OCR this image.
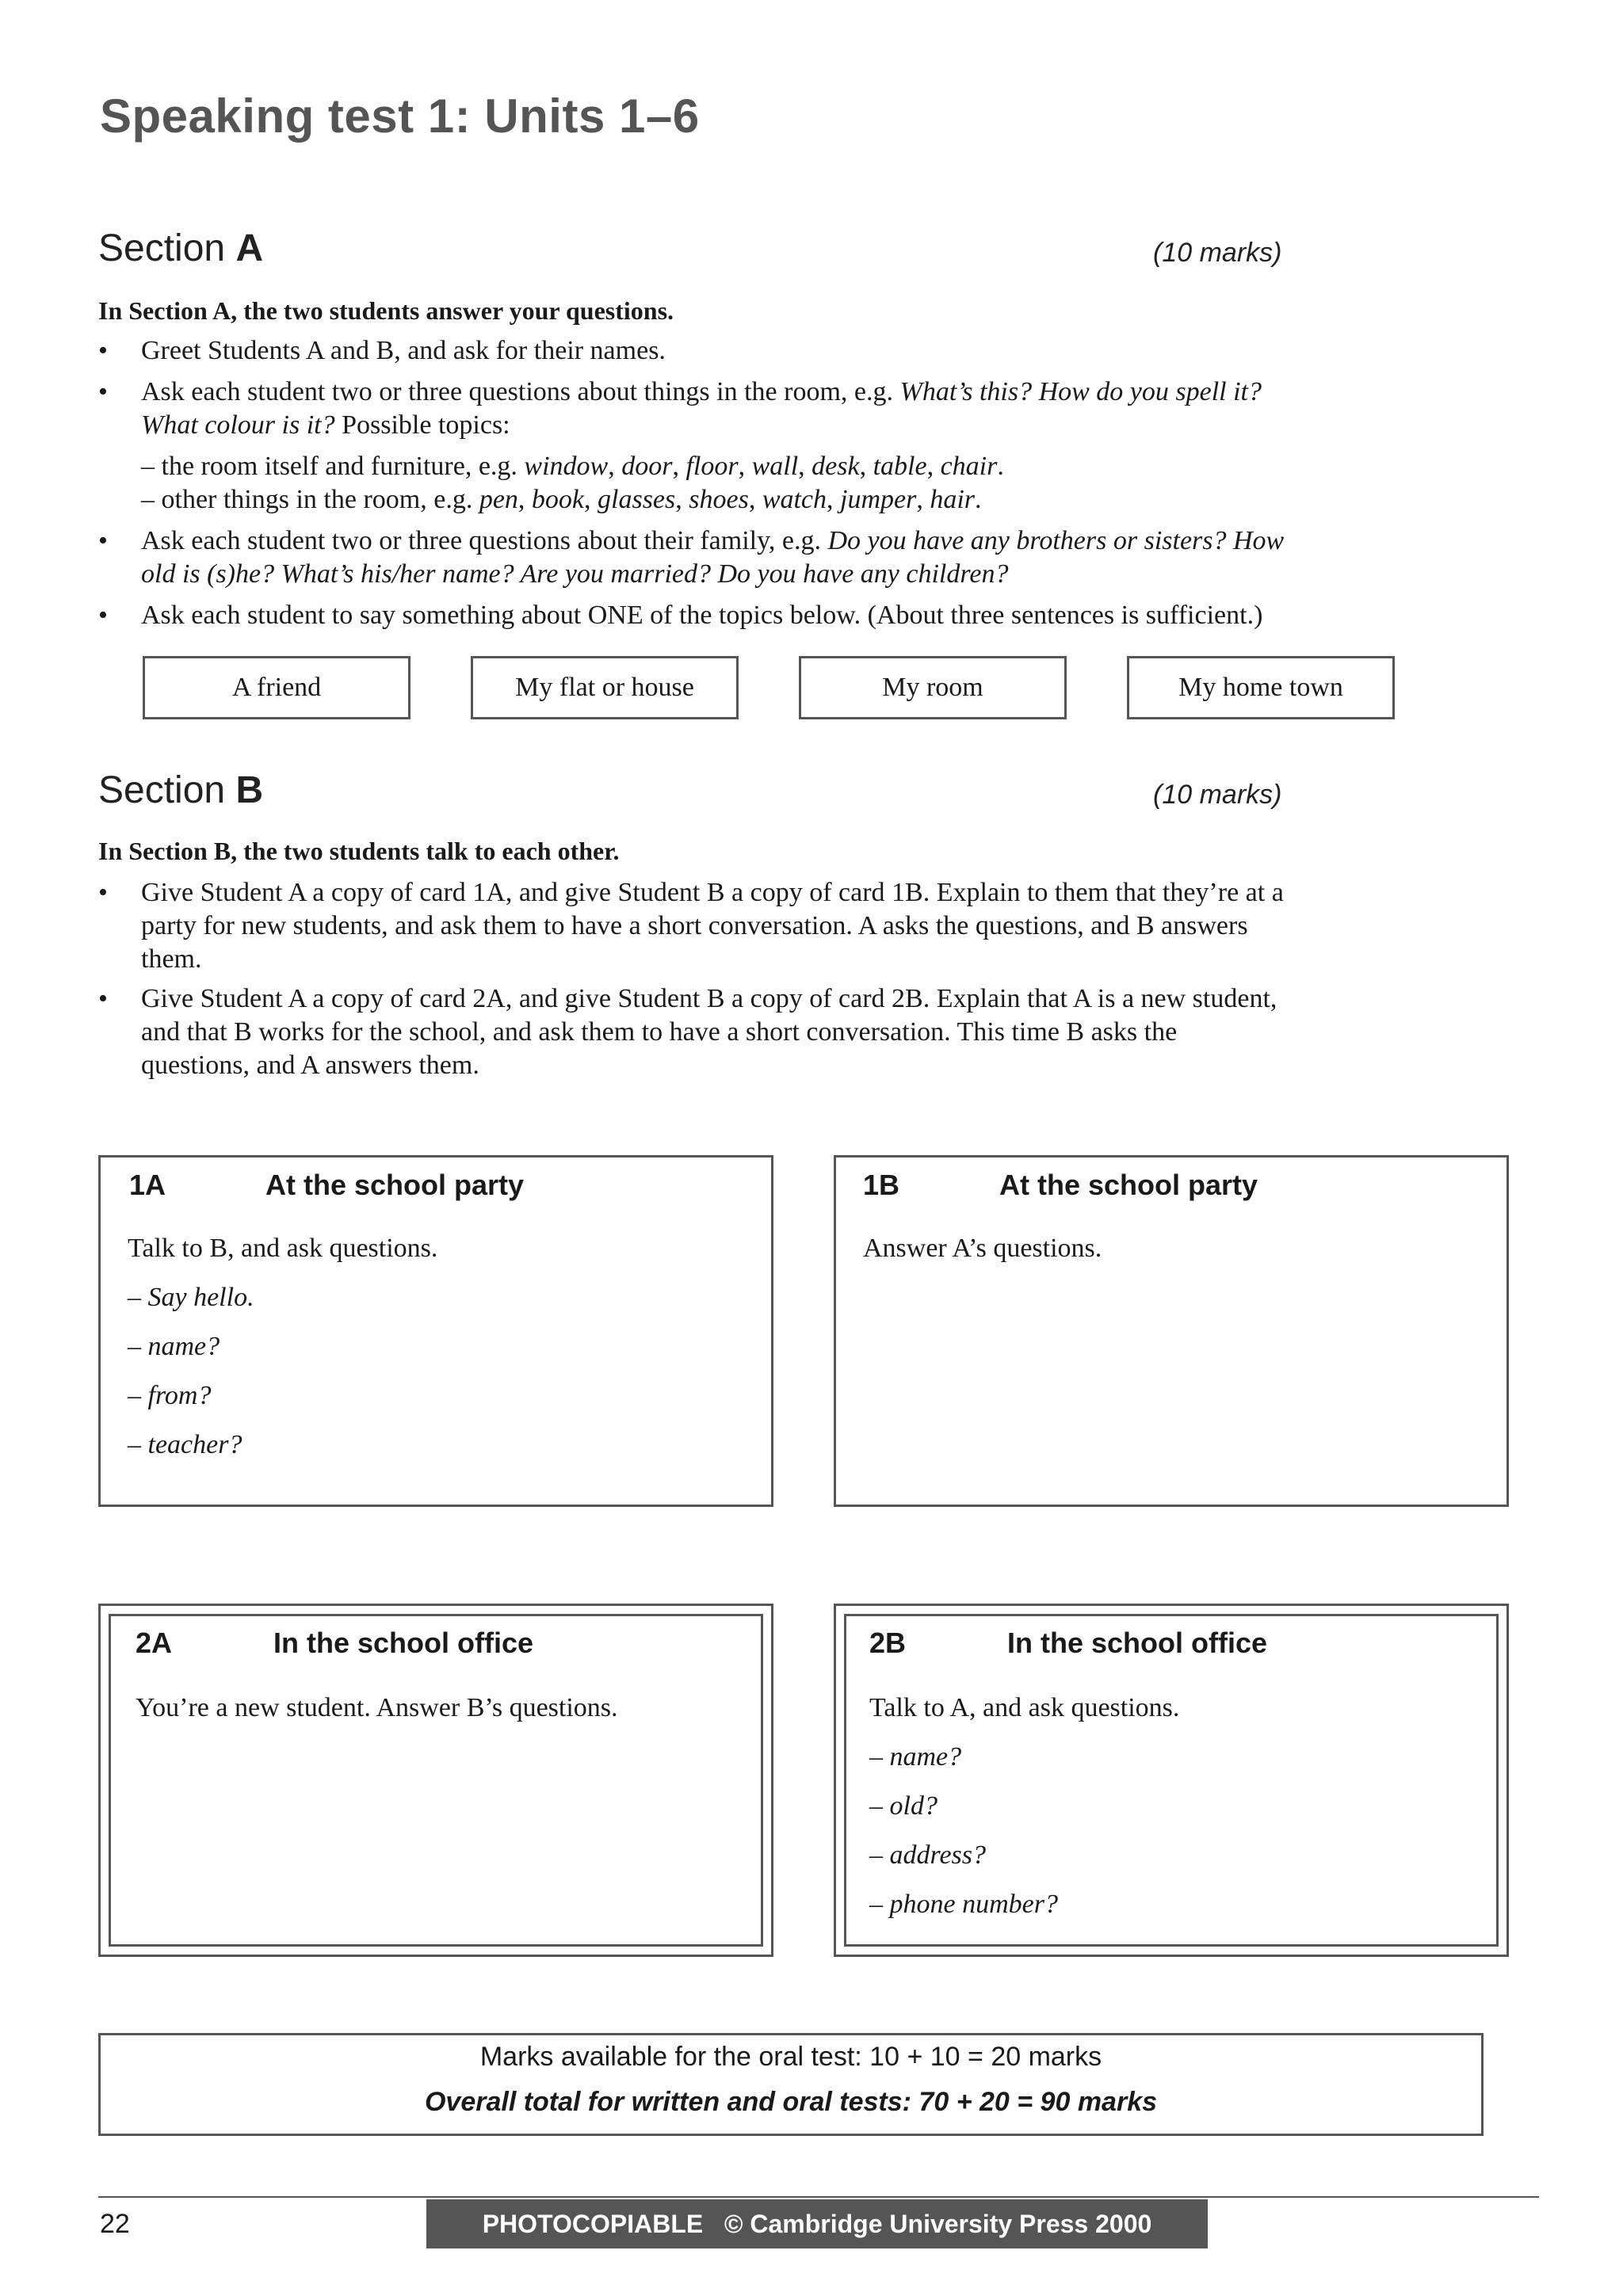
Speaking test 1: Units 1–6
Section A	(10 marks)
In Section A, the two students answer your questions.
• Greet Students A and B, and ask for their names.
• Ask each student two or three questions about things in the room, e.g. What’s this? How do you spell it?
What colour is it? Possible topics:
– the room itself and furniture, e.g. window, door, floor, wall, desk, table, chair.
– other things in the room, e.g. pen, book, glasses, shoes, watch, jumper, hair.
• Ask each student two or three questions about their family, e.g. Do you have any brothers or sisters? How
old is (s)he? What’s his/her name? Are you married? Do you have any children?
• Ask each student to say something about ONE of the topics below. (About three sentences is sufficient.)
A friend	My flat or house	My room	My home town
Section B	(10 marks)
In Section B, the two students talk to each other.
• Give Student A a copy of card 1A, and give Student B a copy of card 1B. Explain to them that they’re at a
party for new students, and ask them to have a short conversation. A asks the questions, and B answers
them.
• Give Student A a copy of card 2A, and give Student B a copy of card 2B. Explain that A is a new student,
and that B works for the school, and ask them to have a short conversation. This time B asks the
questions, and A answers them.
1A	At the school party
Talk to B, and ask questions.
– Say hello.
– name?
– from?
– teacher?
1B	At the school party
Answer A’s questions.
2A	In the school office
You’re a new student. Answer B’s questions.
2B	In the school office
Talk to A, and ask questions.
– name?
– old?
– address?
– phone number?
Marks available for the oral test: 10 + 10 = 20 marks
Overall total for written and oral tests: 70 + 20 = 90 marks
22	PHOTOCOPIABLE   © Cambridge University Press 2000
